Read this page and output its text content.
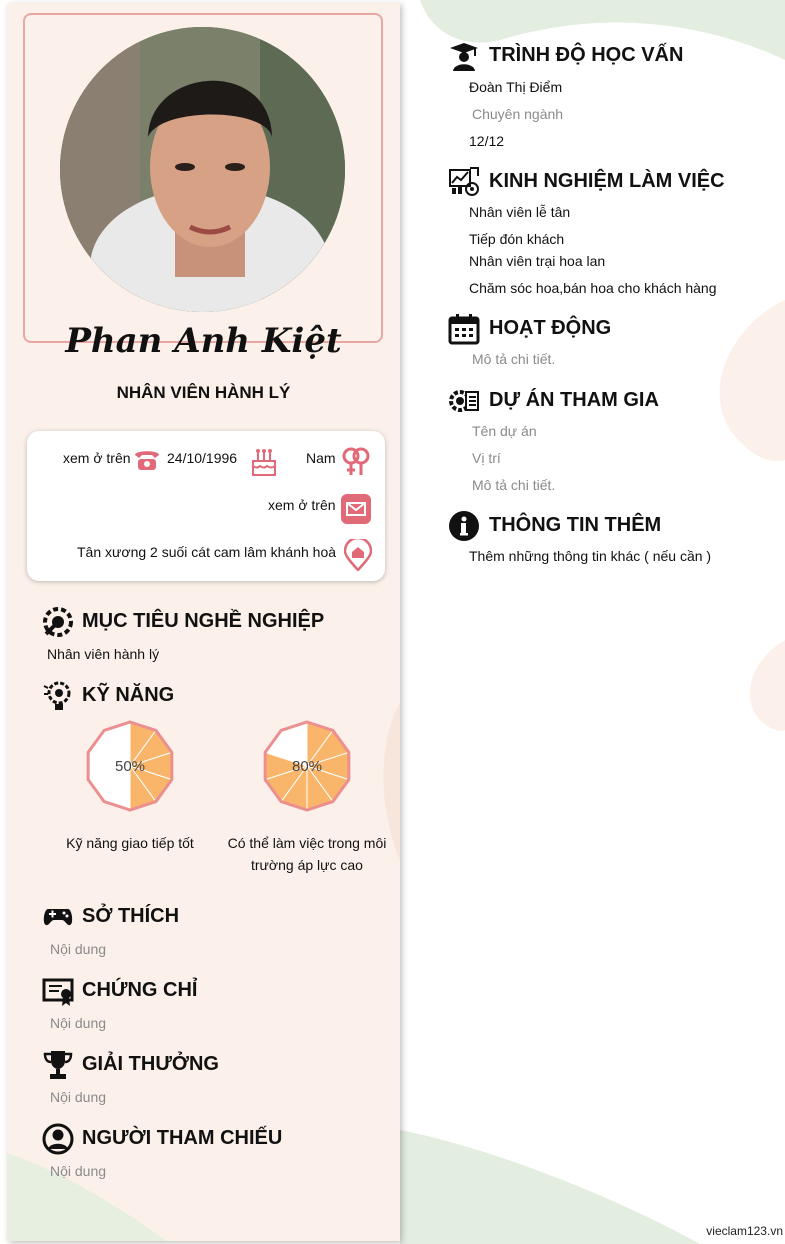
Phan Anh Kiệt
NHÂN VIÊN HÀNH LÝ
xem ở trên	24/10/1996	Nam
xem ở trên
Tân xương 2 suối cát cam lâm khánh hoà
MỤC TIÊU NGHỀ NGHIỆP
Nhân viên hành lý
KỸ NĂNG
50%
Kỹ năng giao tiếp tốt
80%
Có thể làm việc trong môi trường áp lực cao
SỞ THÍCH
Nội dung
CHỨNG CHỈ
Nội dung
GIẢI THƯỞNG
Nội dung
NGƯỜI THAM CHIẾU
Nội dung
TRÌNH ĐỘ HỌC VẤN
Đoàn Thị Điểm
Chuyên ngành
12/12
KINH NGHIỆM LÀM VIỆC
Nhân viên lễ tân
Tiếp đón khách
Nhân viên trại hoa lan
Chăm sóc hoa,bán hoa cho khách hàng
HOẠT ĐỘNG
Mô tả chi tiết.
DỰ ÁN THAM GIA
Tên dự án
Vị trí
Mô tả chi tiết.
THÔNG TIN THÊM
Thêm những thông tin khác ( nếu cần )
vieclam123.vn
